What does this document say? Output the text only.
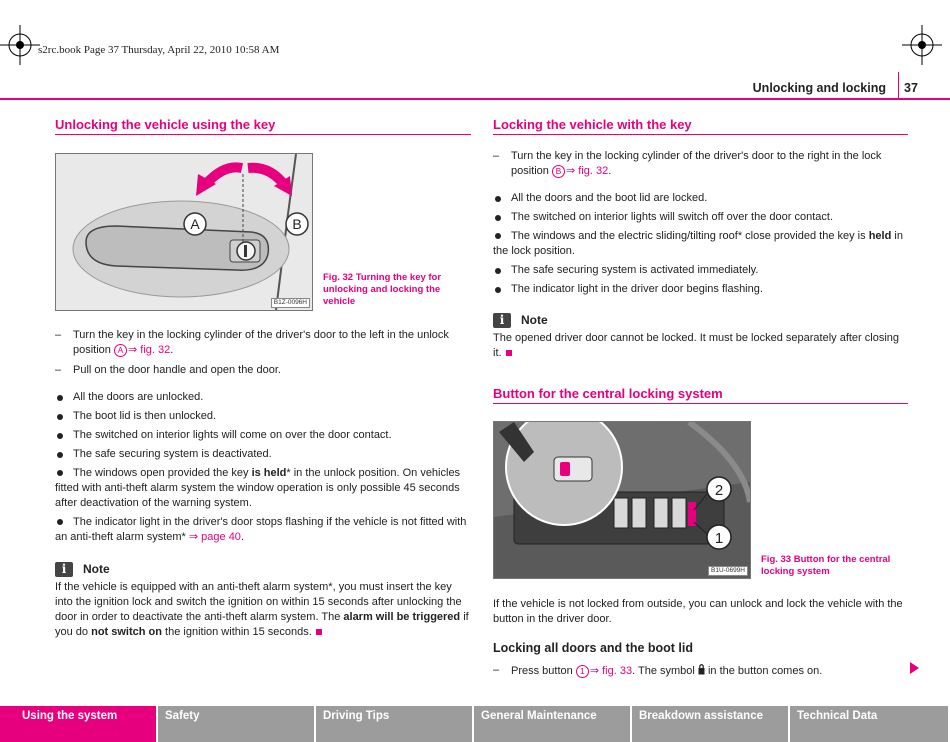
s2rc.book Page 37 Thursday, April 22, 2010 10:58 AM
Unlocking and locking 37
Unlocking the vehicle using the key
A	B
B1Z-0096H
Fig. 32 Turning the key for unlocking and locking the vehicle
– Turn the key in the locking cylinder of the driver's door to the left in the unlock position A ⇒ fig. 32.
– Pull on the door handle and open the door.
All the doors are unlocked.
The boot lid is then unlocked.
The switched on interior lights will come on over the door contact.
The safe securing system is deactivated.
The windows open provided the key is held* in the unlock position. On vehicles fitted with anti-theft alarm system the window operation is only possible 45 seconds after deactivation of the warning system.
The indicator light in the driver's door stops flashing if the vehicle is not fitted with an anti-theft alarm system* ⇒ page 40.
i	Note
If the vehicle is equipped with an anti-theft alarm system*, you must insert the key into the ignition lock and switch the ignition on within 15 seconds after unlocking the door in order to deactivate the anti-theft alarm system. The alarm will be triggered if you do not switch on the ignition within 15 seconds.
Locking the vehicle with the key
– Turn the key in the locking cylinder of the driver's door to the right in the lock position B ⇒ fig. 32.
All the doors and the boot lid are locked.
The switched on interior lights will switch off over the door contact.
The windows and the electric sliding/tilting roof* close provided the key is held in the lock position.
The safe securing system is activated immediately.
The indicator light in the driver door begins flashing.
i	Note
The opened driver door cannot be locked. It must be locked separately after closing it.
Button for the central locking system
2
1
B1U-0699H
Fig. 33 Button for the central locking system
If the vehicle is not locked from outside, you can unlock and lock the vehicle with the button in the driver door.
Locking all doors and the boot lid
– Press button 1 ⇒ fig. 33. The symbol  in the button comes on.
Using the system	Safety	Driving Tips	General Maintenance	Breakdown assistance	Technical Data
